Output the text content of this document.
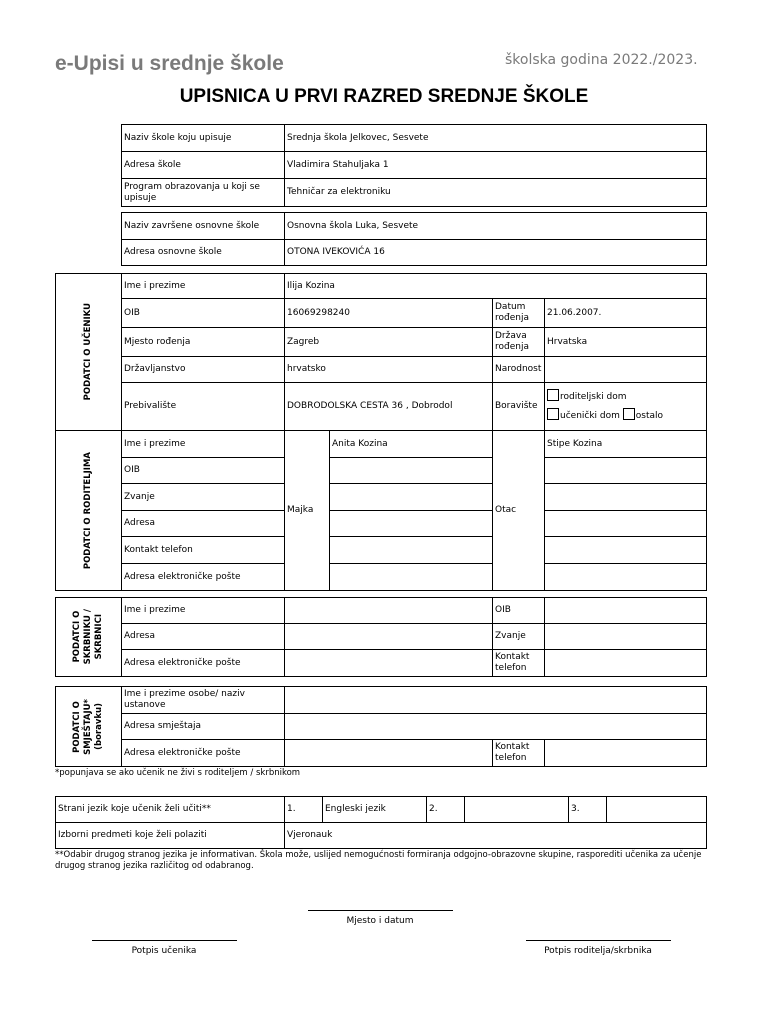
e-Upisi u srednje škole	školska godina 2022./2023.
UPISNICA U PRVI RAZRED SREDNJE ŠKOLE
Naziv škole koju upisuje	Srednja škola Jelkovec, Sesvete
Adresa škole	Vladimira Stahuljaka 1
Program obrazovanja u koji se upisuje	Tehničar za elektroniku
Naziv završene osnovne škole	Osnovna škola Luka, Sesvete
Adresa osnovne škole	OTONA IVEKOVIĆA 16
PODATCI O UČENIKU	Ime i prezime	Ilija Kozina			
	OIB	16069298240		Datum rođenja	21.06.2007.
	Mjesto rođenja	Zagreb		Država rođenja	Hrvatska
	Državljanstvo	hrvatsko		Narodnost	
	Prebivalište	DOBRODOLSKA CESTA 36 , Dobrodol		Boravište	roditeljski dom
učenički dom ostalo

PODATCI O RODITELJIMA	Ime i prezime	Majka	Anita Kozina	Otac	Stipe Kozina
	OIB				
	Zvanje				
	Adresa				
	Kontakt telefon				
	Adresa elektroničke pošte				
PODATCI O
SKRBNIKU /
SKRBNICI	Ime i prezime		OIB	
	Adresa		Zvanje	
	Adresa elektroničke pošte		Kontakt telefon	
PODATCI O
SMJEŠTAJU*
(boravku)	Ime i prezime osobe/ naziv ustanove			
	Adresa smještaja			
	Adresa elektroničke pošte		Kontakt telefon	
*popunjava se ako učenik ne živi s roditeljem / skrbnikom
Strani jezik koje učenik želi učiti**	1.	Engleski jezik	2.		3.	
Izborni predmeti koje želi polaziti	Vjeronauk					
**Odabir drugog stranog jezika je informativan. Škola može, uslijed nemogućnosti formiranja odgojno-obrazovne skupine, rasporediti učenika za učenje drugog stranog jezika različitog od odabranog.
Mjesto i datum
Potpis učenika	Potpis roditelja/skrbnika
